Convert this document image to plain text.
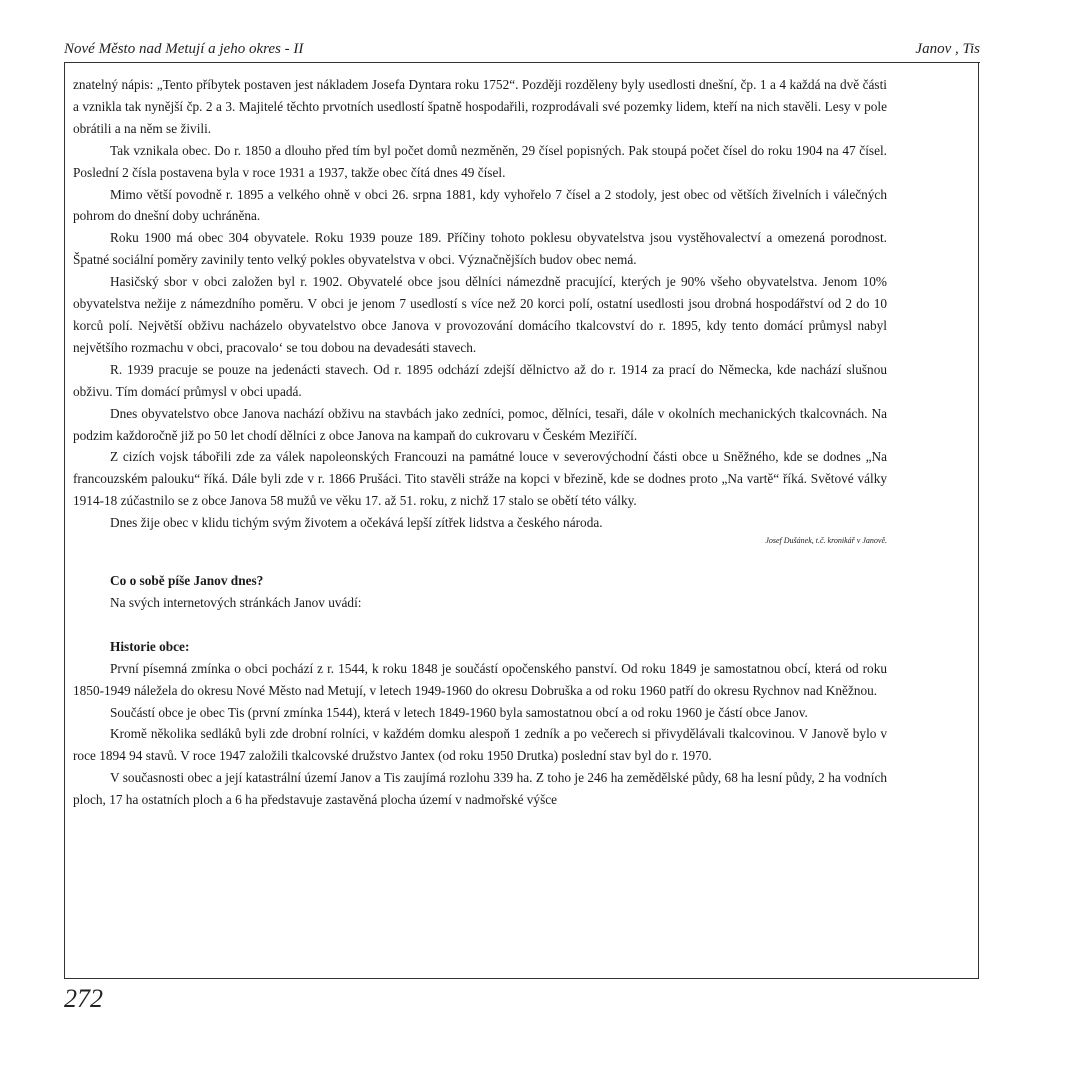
Nové Město nad Metují a jeho okres - II	Janov , Tis

znatelný nápis: „Tento příbytek postaven jest nákladem Josefa Dyntara roku 1752“. Později rozděleny byly usedlosti dnešní, čp. 1 a 4 každá na dvě části a vznikla tak nynější čp. 2 a 3. Majitelé těchto prvotních usedlostí špatně hospodařili, rozprodávali své pozemky lidem, kteří na nich stavěli. Lesy v pole obrátili a na něm se živili.

Tak vznikala obec. Do r. 1850 a dlouho před tím byl počet domů nezměněn, 29 čísel popisných. Pak stoupá počet čísel do roku 1904 na 47 čísel. Poslední 2 čísla postavena byla v roce 1931 a 1937, takže obec čítá dnes 49 čísel.

Mimo větší povodně r. 1895 a velkého ohně v obci 26. srpna 1881, kdy vyhořelo 7 čísel a 2 stodoly, jest obec od větších živelních i válečných pohrom do dnešní doby uchráněna.

Roku 1900 má obec 304 obyvatele. Roku 1939 pouze 189. Příčiny tohoto poklesu obyvatelstva jsou vystěhovalectví a omezená porodnost. Špatné sociální poměry zavinily tento velký pokles obyvatelstva v obci. Význačnějších budov obec nemá.

Hasičský sbor v obci založen byl r. 1902. Obyvatelé obce jsou dělníci námezdně pracující, kterých je 90% všeho obyvatelstva. Jenom 10% obyvatelstva nežije z námezdního poměru. V obci je jenom 7 usedlostí s více než 20 korci polí, ostatní usedlosti jsou drobná hospodářství od 2 do 10 korců polí. Největší obživu nacházelo obyvatelstvo obce Janova v provozování domácího tkalcovství do r. 1895, kdy tento domácí průmysl nabyl největšího rozmachu v obci, pracovalo‘ se tou dobou na devadesáti stavech.

R. 1939 pracuje se pouze na jedenácti stavech. Od r. 1895 odchází zdejší dělnictvo až do r. 1914 za prací do Německa, kde nachází slušnou obživu. Tím domácí průmysl v obci upadá.

Dnes obyvatelstvo obce Janova nachází obživu na stavbách jako zedníci, pomoc, dělníci, tesaři, dále v okolních mechanických tkalcovnách. Na podzim každoročně již po 50 let chodí dělníci z obce Janova na kampaň do cukrovaru v Českém Meziříčí.

Z cizích vojsk tábořili zde za válek napoleonských Francouzi na památné louce v severovýchodní části obce u Sněžného, kde se dodnes „Na francouzském palouku“ říká. Dále byli zde v r. 1866 Prušáci. Tito stavěli stráže na kopci v březině, kde se dodnes proto „Na vartě“ říká. Světové války 1914-18 zúčastnilo se z obce Janova 58 mužů ve věku 17. až 51. roku, z nichž 17 stalo se obětí této války.

Dnes žije obec v klidu tichým svým životem a očekává lepší zítřek lidstva a českého národa.

Josef Dušánek, t.č. kronikář v Janově.

Co o sobě píše Janov dnes?

Na svých internetových stránkách Janov uvádí:

Historie obce:

První písemná zmínka o obci pochází z r. 1544, k roku 1848 je součástí opočenského panství. Od roku 1849 je samostatnou obcí, která od roku 1850-1949 náležela do okresu Nové Město nad Metují, v letech 1949-1960 do okresu Dobruška a od roku 1960 patří do okresu Rychnov nad Kněžnou.

Součástí obce je obec Tis (první zmínka 1544), která v letech 1849-1960 byla samostatnou obcí a od roku 1960 je částí obce Janov.

Kromě několika sedláků byli zde drobní rolníci, v každém domku alespoň 1 zedník a po večerech si přivydělávali tkalcovinou. V Janově bylo v roce 1894 94 stavů. V roce 1947 založili tkalcovské družstvo Jantex (od roku 1950 Drutka) poslední stav byl do r. 1970.

V současnosti obec a její katastrální území Janov a Tis zaujímá rozlohu 339 ha. Z toho je 246 ha zemědělské půdy, 68 ha lesní půdy, 2 ha vodních ploch, 17 ha ostatních ploch a 6 ha představuje zastavěná plocha území v nadmořské výšce

272
